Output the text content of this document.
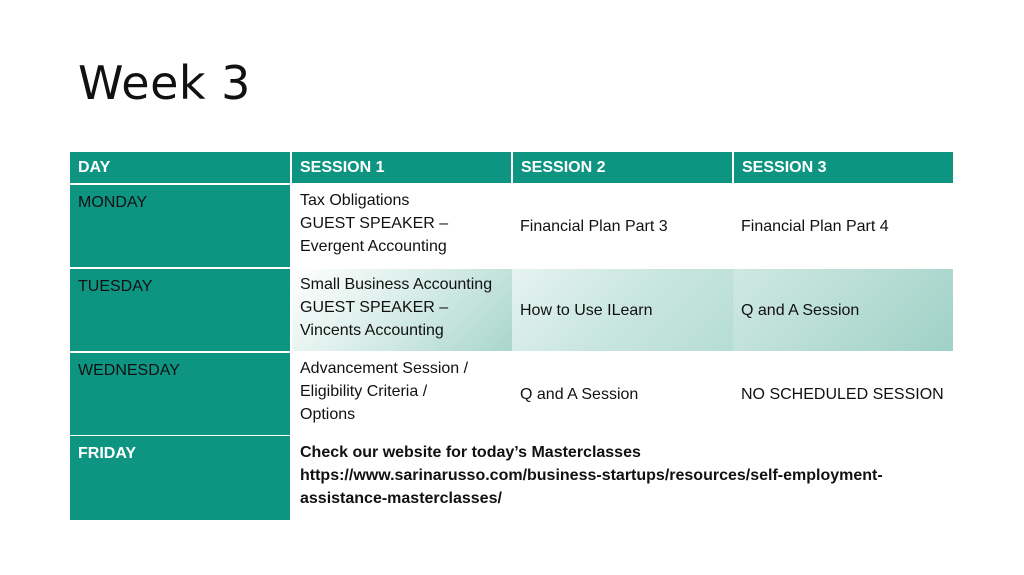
Week 3
DAY	SESSION 1	SESSION 2	SESSION 3
MONDAY	Tax Obligations
GUEST SPEAKER –
Evergent Accounting	Financial Plan Part 3	Financial Plan Part 4
TUESDAY	Small Business Accounting
GUEST SPEAKER –
Vincents Accounting	How to Use ILearn	Q and A Session
WEDNESDAY	Advancement Session /
Eligibility Criteria /
Options	Q and A Session	NO SCHEDULED SESSION
FRIDAY	Check our website for today’s Masterclasses
https://www.sarinarusso.com/business-startups/resources/self-employment-
assistance-masterclasses/
